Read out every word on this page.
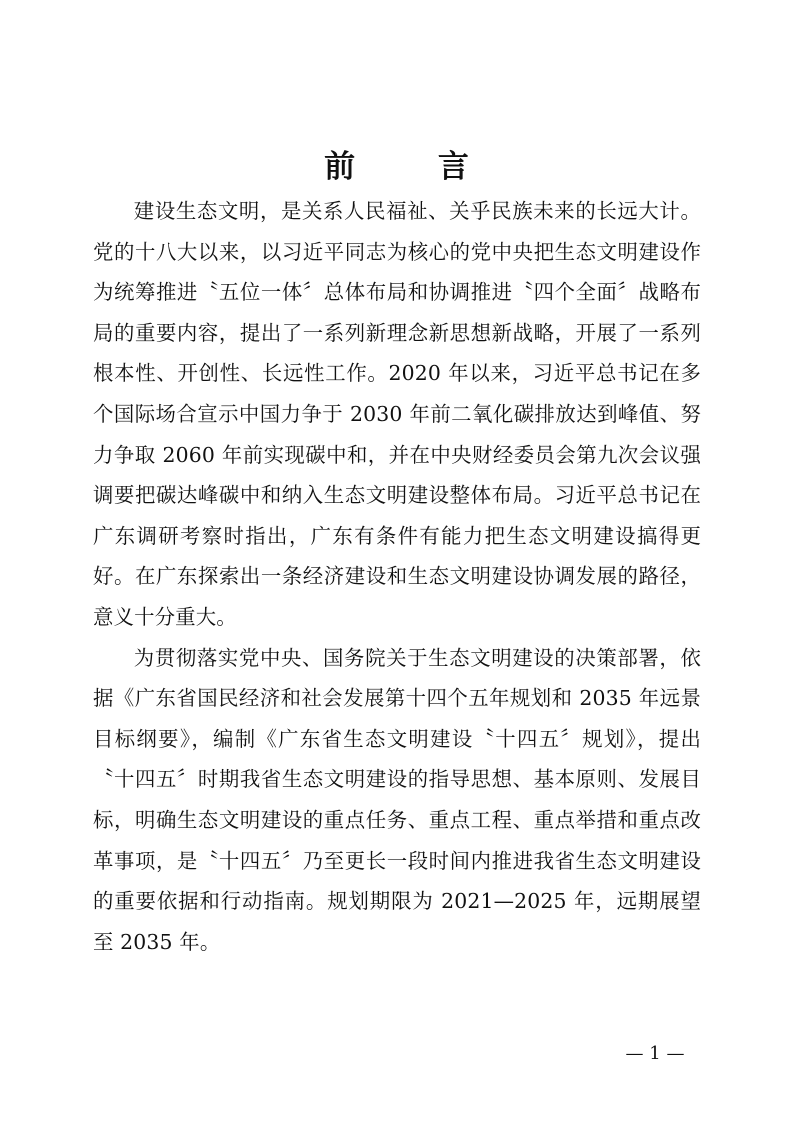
前 言

建设生态文明，是关系人民福祉、关乎民族未来的长远大计。党的十八大以来，以习近平同志为核心的党中央把生态文明建设作为统筹推进〝五位一体〞总体布局和协调推进〝四个全面〞战略布局的重要内容，提出了一系列新理念新思想新战略，开展了一系列根本性、开创性、长远性工作。2020 年以来，习近平总书记在多个国际场合宣示中国力争于 2030 年前二氧化碳排放达到峰值、努力争取 2060 年前实现碳中和，并在中央财经委员会第九次会议强调要把碳达峰碳中和纳入生态文明建设整体布局。习近平总书记在广东调研考察时指出，广东有条件有能力把生态文明建设搞得更好。在广东探索出一条经济建设和生态文明建设协调发展的路径，意义十分重大。

为贯彻落实党中央、国务院关于生态文明建设的决策部署，依据《广东省国民经济和社会发展第十四个五年规划和 2035 年远景目标纲要》，编制《广东省生态文明建设〝十四五〞规划》，提出〝十四五〞时期我省生态文明建设的指导思想、基本原则、发展目标，明确生态文明建设的重点任务、重点工程、重点举措和重点改革事项，是〝十四五〞乃至更长一段时间内推进我省生态文明建设的重要依据和行动指南。规划期限为 2021—2025 年，远期展望至 2035 年。

— 1 —
